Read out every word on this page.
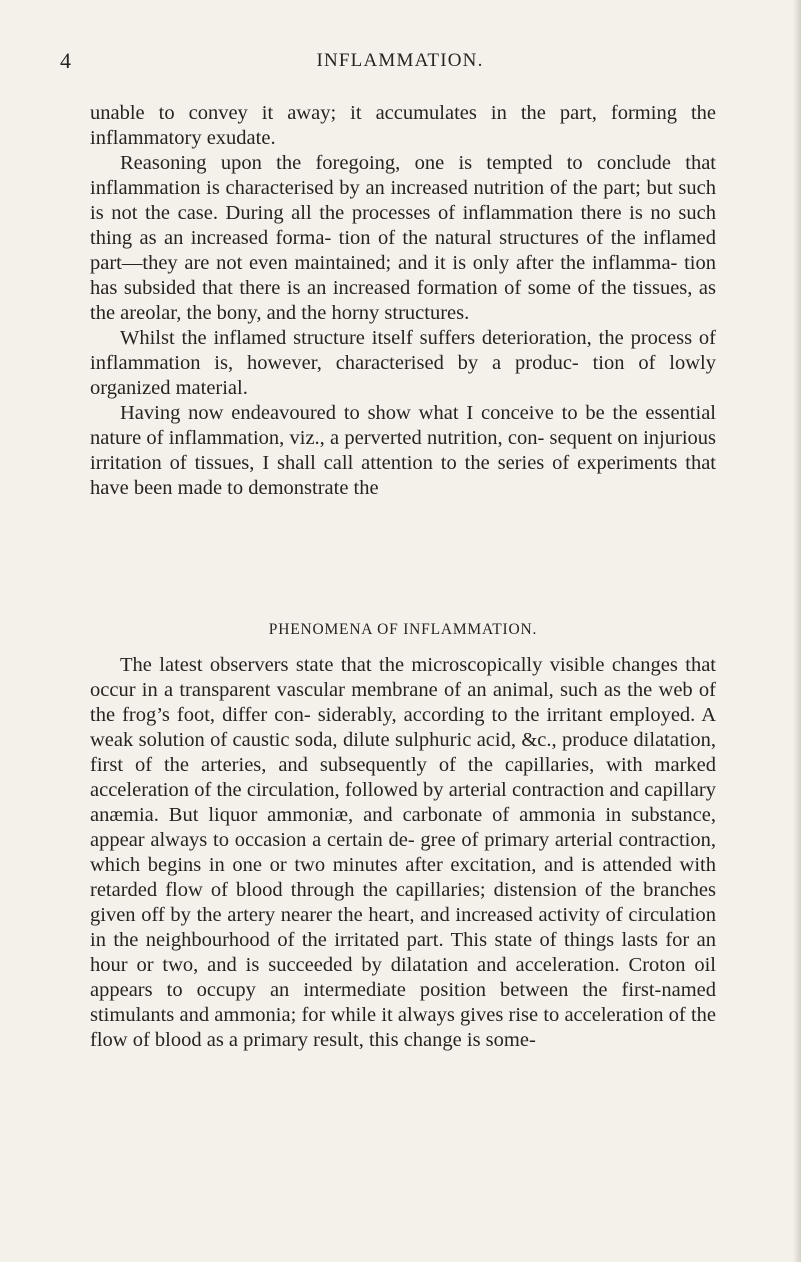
4	INFLAMMATION.

unable to convey it away; it accumulates in the part, forming the inflammatory exudate.

Reasoning upon the foregoing, one is tempted to conclude that inflammation is characterised by an increased nutrition of the part; but such is not the case. During all the processes of inflammation there is no such thing as an increased forma- tion of the natural structures of the inflamed part—they are not even maintained; and it is only after the inflamma- tion has subsided that there is an increased formation of some of the tissues, as the areolar, the bony, and the horny structures.

Whilst the inflamed structure itself suffers deterioration, the process of inflammation is, however, characterised by a produc- tion of lowly organized material.

Having now endeavoured to show what I conceive to be the essential nature of inflammation, viz., a perverted nutrition, con- sequent on injurious irritation of tissues, I shall call attention to the series of experiments that have been made to demonstrate the

PHENOMENA OF INFLAMMATION.

The latest observers state that the microscopically visible changes that occur in a transparent vascular membrane of an animal, such as the web of the frog’s foot, differ con- siderably, according to the irritant employed. A weak solution of caustic soda, dilute sulphuric acid, &c., produce dilatation, first of the arteries, and subsequently of the capillaries, with marked acceleration of the circulation, followed by arterial contraction and capillary anæmia. But liquor ammoniæ, and carbonate of ammonia in substance, appear always to occasion a certain de- gree of primary arterial contraction, which begins in one or two minutes after excitation, and is attended with retarded flow of blood through the capillaries; distension of the branches given off by the artery nearer the heart, and increased activity of circulation in the neighbourhood of the irritated part. This state of things lasts for an hour or two, and is succeeded by dilatation and acceleration. Croton oil appears to occupy an intermediate position between the first-named stimulants and ammonia; for while it always gives rise to acceleration of the flow of blood as a primary result, this change is some-
